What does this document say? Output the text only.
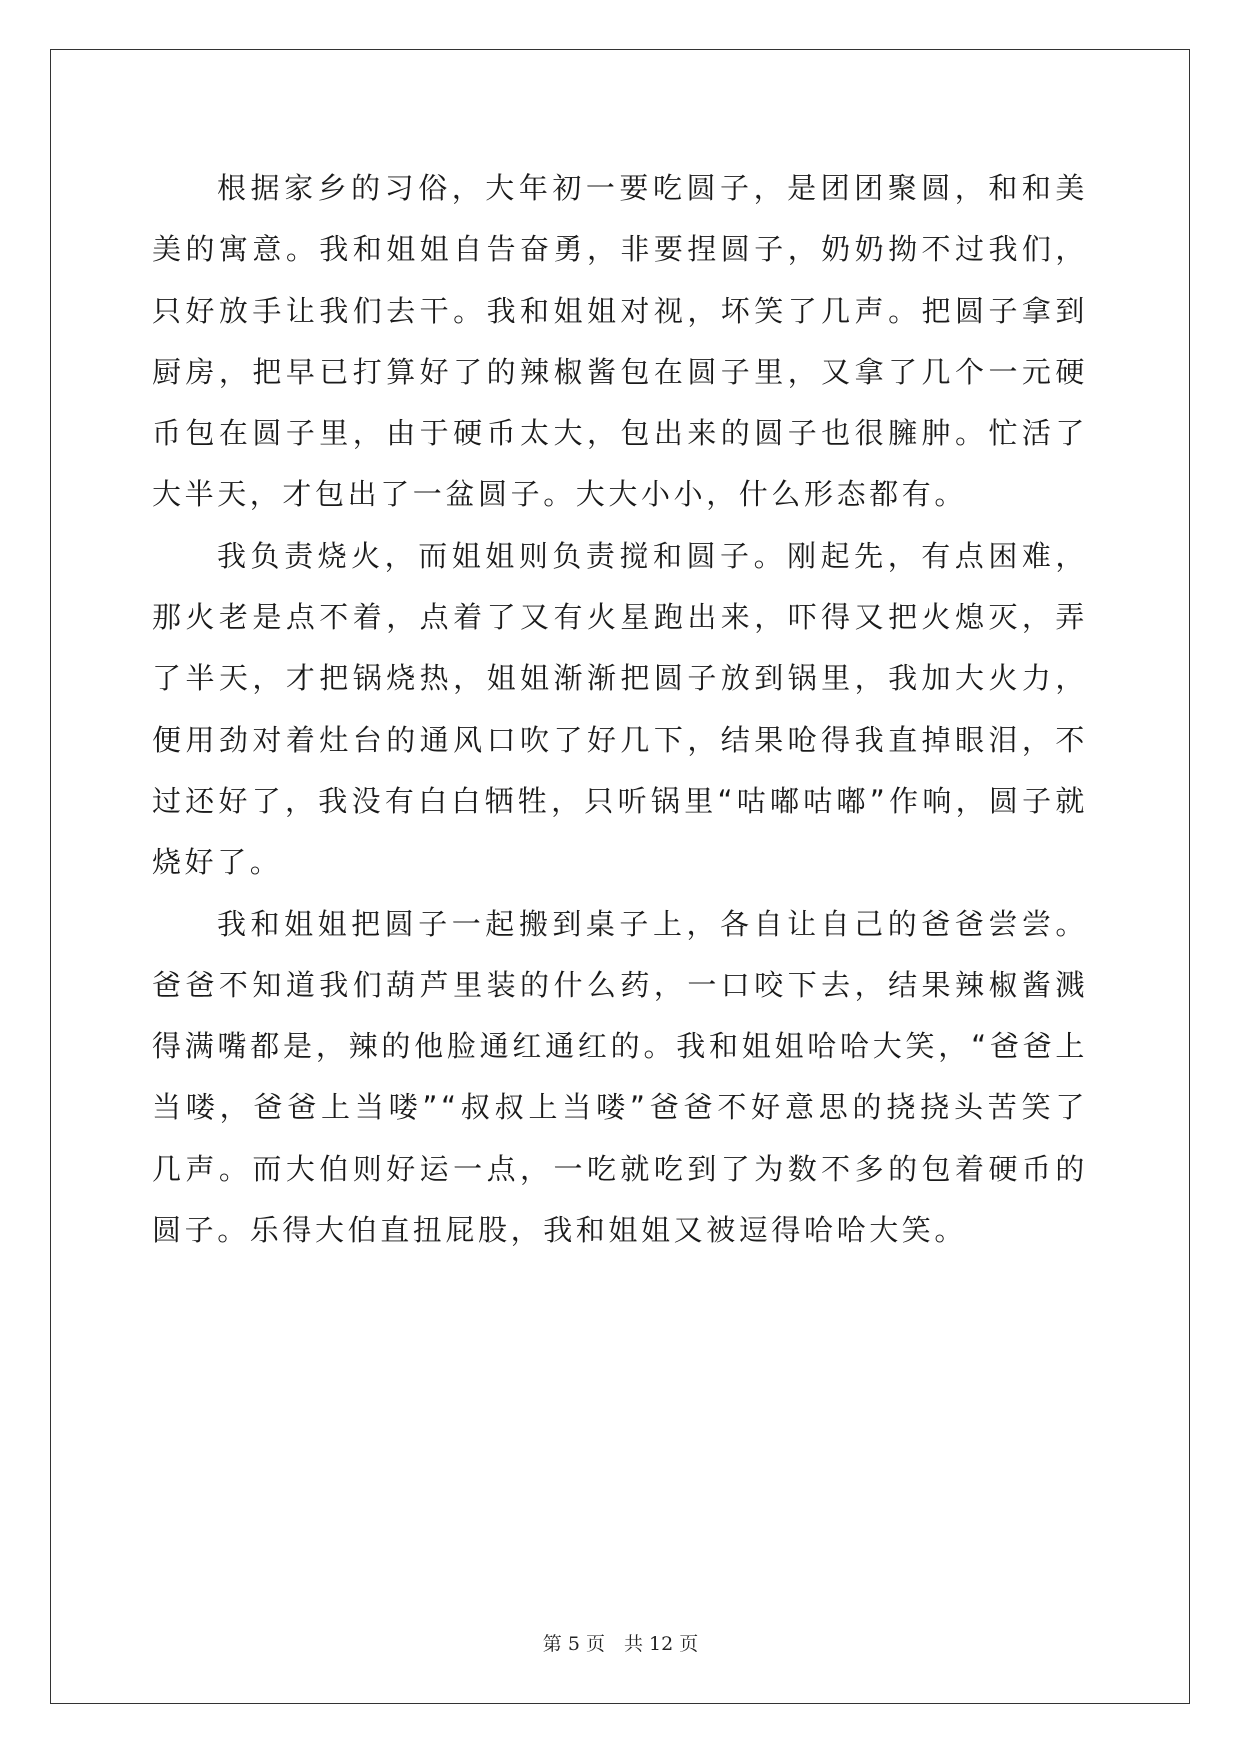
根据家乡的习俗，大年初一要吃圆子，是团团聚圆，和和美美的寓意。我和姐姐自告奋勇，非要捏圆子，奶奶拗不过我们，只好放手让我们去干。我和姐姐对视，坏笑了几声。把圆子拿到厨房，把早已打算好了的辣椒酱包在圆子里，又拿了几个一元硬币包在圆子里，由于硬币太大，包出来的圆子也很臃肿。忙活了大半天，才包出了一盆圆子。大大小小，什么形态都有。

我负责烧火，而姐姐则负责搅和圆子。刚起先，有点困难，那火老是点不着，点着了又有火星跑出来，吓得又把火熄灭，弄了半天，才把锅烧热，姐姐渐渐把圆子放到锅里，我加大火力，便用劲对着灶台的通风口吹了好几下，结果呛得我直掉眼泪，不过还好了，我没有白白牺牲，只听锅里“咕嘟咕嘟”作响，圆子就烧好了。

我和姐姐把圆子一起搬到桌子上，各自让自己的爸爸尝尝。爸爸不知道我们葫芦里装的什么药，一口咬下去，结果辣椒酱溅得满嘴都是，辣的他脸通红通红的。我和姐姐哈哈大笑，“爸爸上当喽，爸爸上当喽”“叔叔上当喽”爸爸不好意思的挠挠头苦笑了几声。而大伯则好运一点，一吃就吃到了为数不多的包着硬币的圆子。乐得大伯直扭屁股，我和姐姐又被逗得哈哈大笑。

第 5 页　共 12 页
